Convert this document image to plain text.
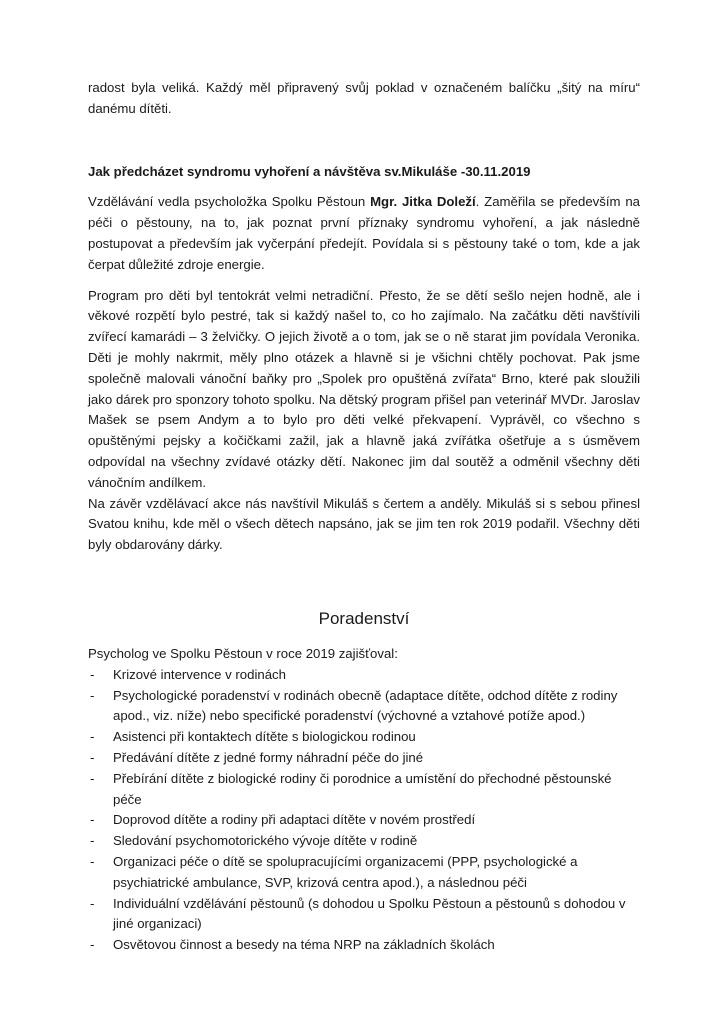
radost byla veliká. Každý měl připravený svůj poklad v označeném balíčku „šitý na míru“ danému dítěti.

Jak předcházet syndromu vyhoření a návštěva sv.Mikuláše -30.11.2019

Vzdělávání vedla psycholožka Spolku Pěstoun Mgr. Jitka Doleží. Zaměřila se především na péči o pěstouny, na to, jak poznat první příznaky syndromu vyhoření, a jak následně postupovat a především jak vyčerpání předejít. Povídala si s pěstouny také o tom, kde a jak čerpat důležité zdroje energie.

Program pro děti byl tentokrát velmi netradiční. Přesto, že se dětí sešlo nejen hodně, ale i věkové rozpětí bylo pestré, tak si každý našel to, co ho zajímalo. Na začátku děti navštívili zvířecí kamarádi – 3 želvičky. O jejich životě a o tom, jak se o ně starat jim povídala Veronika. Děti je mohly nakrmit, měly plno otázek a hlavně si je všichni chtěly pochovat. Pak jsme společně malovali vánoční baňky pro „Spolek pro opuštěná zvířata“ Brno, které pak sloužili jako dárek pro sponzory tohoto spolku. Na dětský program přišel pan veterinář MVDr. Jaroslav Mašek se psem Andym a to bylo pro děti velké překvapení. Vyprávěl, co všechno s opuštěnými pejsky a kočičkami zažil, jak a hlavně jaká zvířátka ošetřuje a s úsměvem odpovídal na všechny zvídavé otázky dětí. Nakonec jim dal soutěž a odměnil všechny děti vánočním andílkem.

Na závěr vzdělávací akce nás navštívil Mikuláš s čertem a anděly. Mikuláš si s sebou přinesl Svatou knihu, kde měl o všech dětech napsáno, jak se jim ten rok 2019 podařil. Všechny děti byly obdarovány dárky.

Poradenství

Psycholog ve Spolku Pěstoun v roce 2019 zajišťoval:

- Krizové intervence v rodinách
- Psychologické poradenství v rodinách obecně (adaptace dítěte, odchod dítěte z rodiny apod., viz. níže) nebo specifické poradenství (výchovné a vztahové potíže apod.)
- Asistenci při kontaktech dítěte s biologickou rodinou
- Předávání dítěte z jedné formy náhradní péče do jiné
- Přebírání dítěte z biologické rodiny či porodnice a umístění do přechodné pěstounské péče
- Doprovod dítěte a rodiny při adaptaci dítěte v novém prostředí
- Sledování psychomotorického vývoje dítěte v rodině
- Organizaci péče o dítě se spolupracujícími organizacemi (PPP, psychologické a psychiatrické ambulance, SVP, krizová centra apod.), a následnou péči
- Individuální vzdělávání pěstounů (s dohodou u Spolku Pěstoun a pěstounů s dohodou v jiné organizaci)
- Osvětovou činnost a besedy na téma NRP na základních školách
